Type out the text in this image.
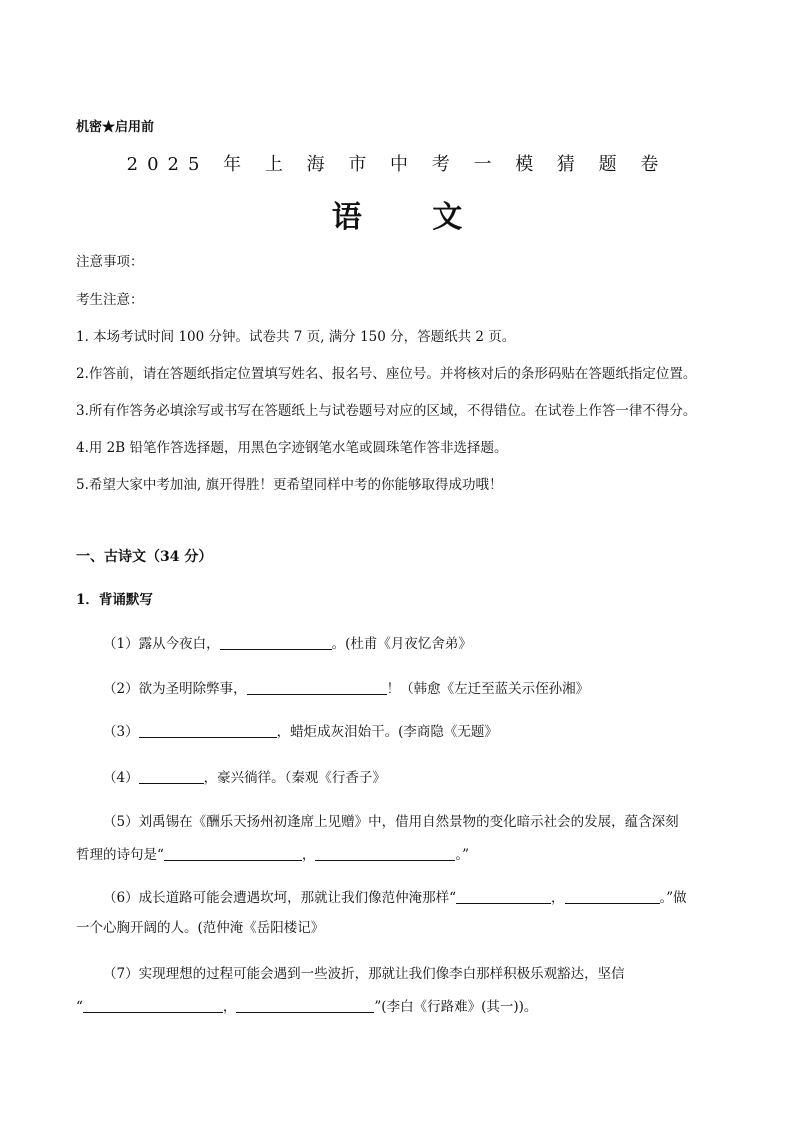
机密★启用前
2025 年 上 海 市 中 考 一 模 猜 题 卷
语 文
注意事项：
考生注意：
1. 本场考试时间 100 分钟。试卷共 7 页, 满分 150 分，答题纸共 2 页。
2.作答前，请在答题纸指定位置填写姓名、报名号、座位号。并将核对后的条形码贴在答题纸指定位置。
3.所有作答务必填涂写或书写在答题纸上与试卷题号对应的区域，不得错位。在试卷上作答一律不得分。
4.用 2B 铅笔作答选择题，用黑色字迹钢笔水笔或圆珠笔作答非选择题。
5.希望大家中考加油, 旗开得胜！更希望同样中考的你能够取得成功哦！
一、古诗文（34 分）
1．背诵默写
（1）露从今夜白，	。(杜甫《月夜忆舍弟》
（2）欲为圣明除弊事，	！（韩愈《左迁至蓝关示侄孙湘》
（3）	，蜡炬成灰泪始干。(李商隐《无题》
（4）	，豪兴徜徉。（秦观《行香子》
（5）刘禹锡在《酬乐天扬州初逢席上见赠》中，借用自然景物的变化暗示社会的发展，蕴含深刻
哲理的诗句是“	，	。”
（6）成长道路可能会遭遇坎坷，那就让我们像范仲淹那样“	，	。”做
一个心胸开阔的人。(范仲淹《岳阳楼记》
（7）实现理想的过程可能会遇到一些波折，那就让我们像李白那样积极乐观豁达，坚信
“	，	”(李白《行路难》(其一))。
